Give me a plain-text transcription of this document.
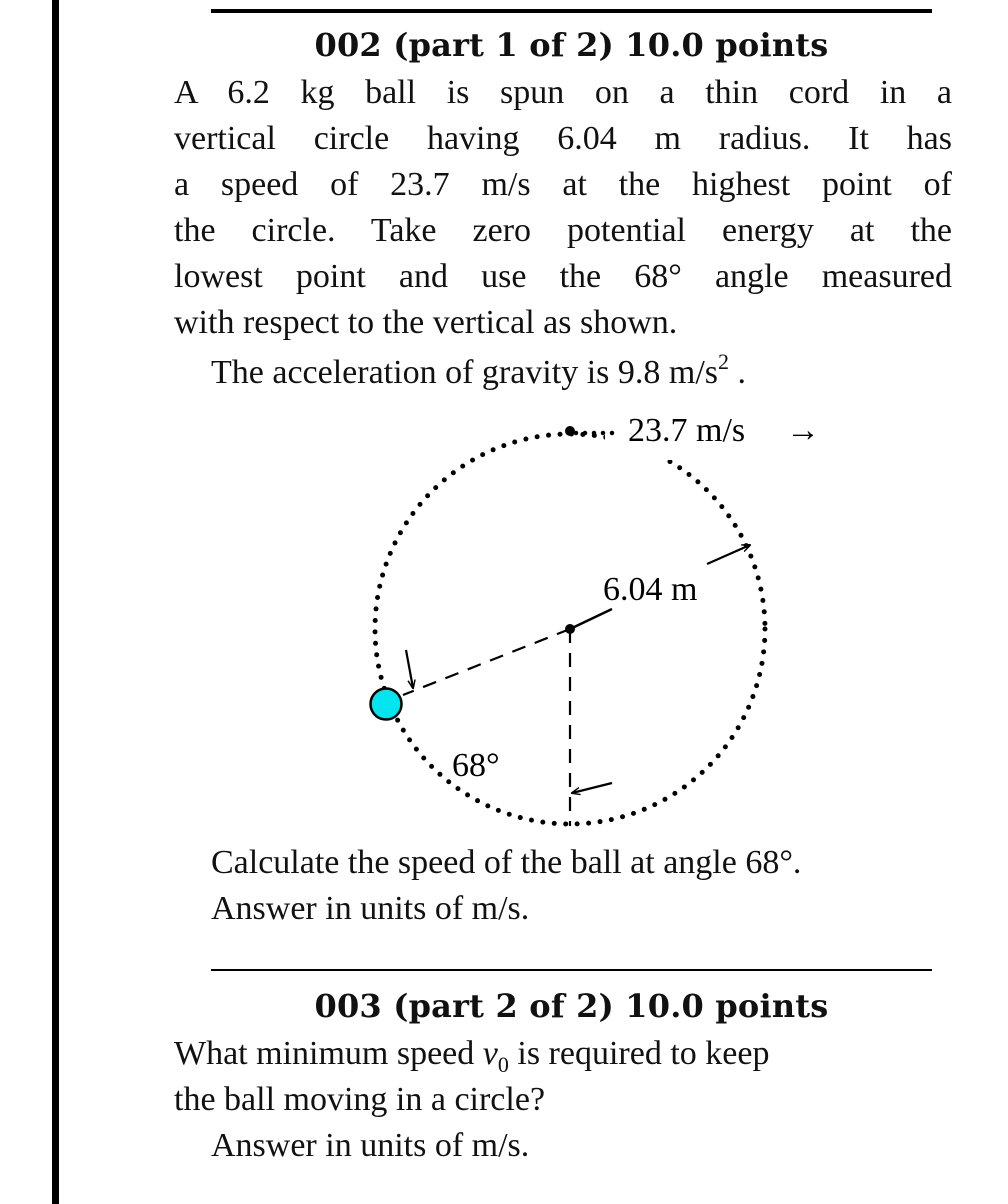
002 (part 1 of 2) 10.0 points
A 6.2 kg ball is spun on a thin cord in a
vertical circle having 6.04 m radius. It has
a speed of 23.7 m/s at the highest point of
the circle. Take zero potential energy at the
lowest point and use the 68° angle measured
with respect to the vertical as shown.
The acceleration of gravity is 9.8 $m/s^2$ .
23.7 m/s →
6.04 m
68°
Calculate the speed of the ball at angle 68°.
Answer in units of m/s.
003 (part 2 of 2) 10.0 points
What minimum speed $v_0$ is required to keep
the ball moving in a circle?
Answer in units of m/s.
